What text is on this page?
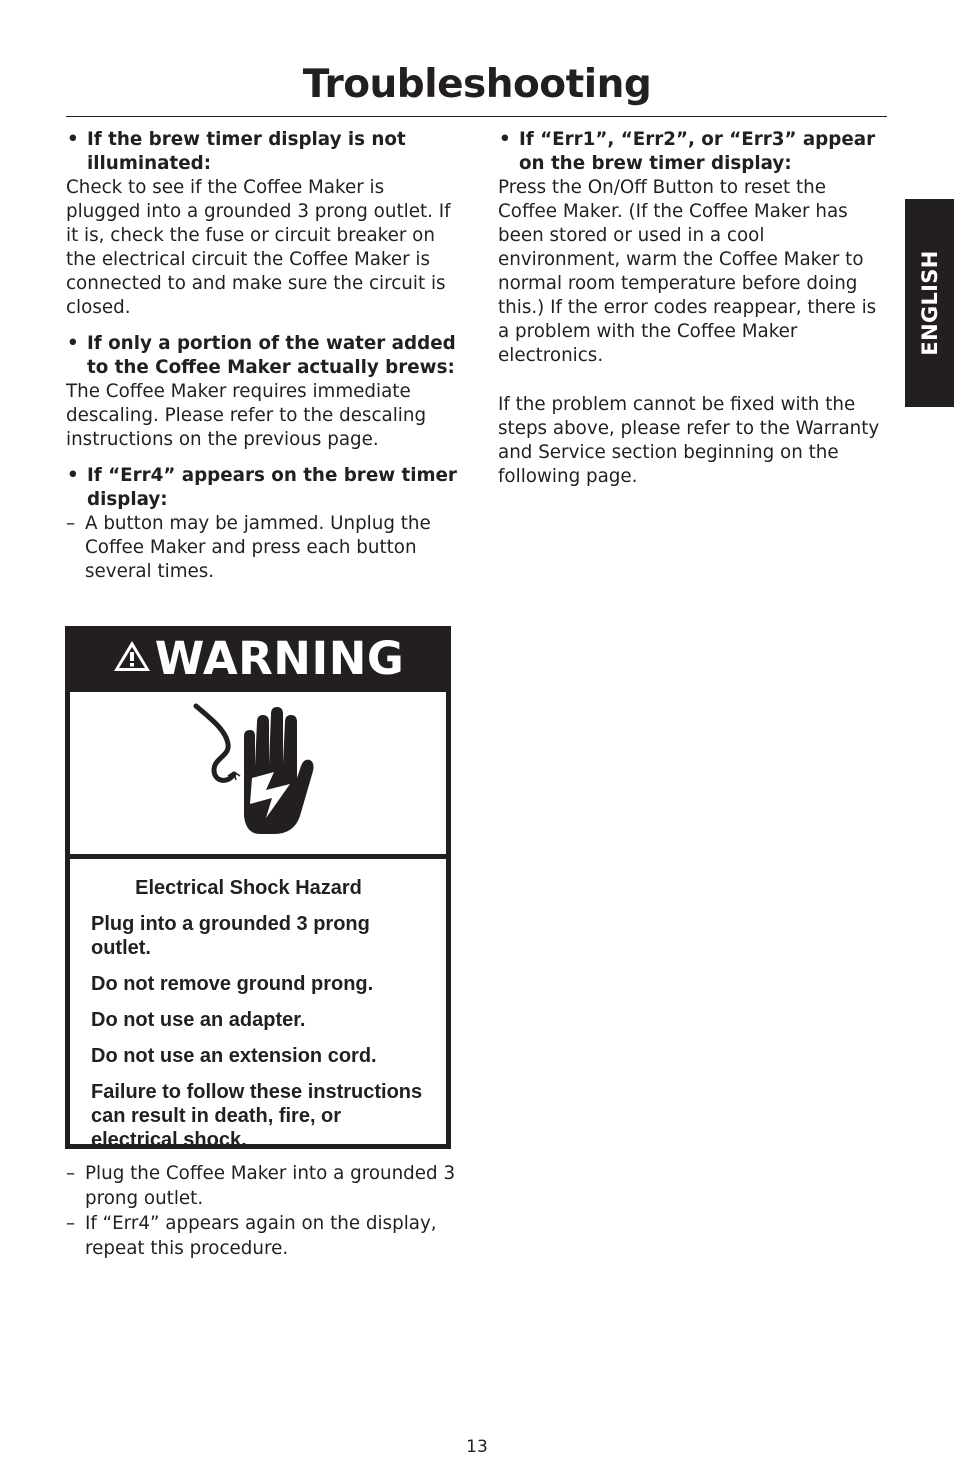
Troubleshooting
• If the brew timer display is not illuminated:

Check to see if the Coffee Maker is plugged into a grounded 3 prong outlet. If it is, check the fuse or circuit breaker on the electrical circuit the Coffee Maker is connected to and make sure the circuit is closed.

• If only a portion of the water added to the Coffee Maker actually brews:

The Coffee Maker requires immediate descaling. Please refer to the descaling instructions on the previous page.

• If “Err4” appears on the brew timer display:
– A button may be jammed. Unplug the Coffee Maker and press each button several times.
WARNING
Electrical Shock Hazard

Plug into a grounded 3 prong outlet.

Do not remove ground prong.

Do not use an adapter.

Do not use an extension cord.

Failure to follow these instructions can result in death, fire, or electrical shock.

– Plug the Coffee Maker into a grounded 3 prong outlet.
– If “Err4” appears again on the display, repeat this procedure.
• If “Err1”, “Err2”, or “Err3” appear on the brew timer display:

Press the On/Off Button to reset the Coffee Maker. (If the Coffee Maker has been stored or used in a cool environment, warm the Coffee Maker to normal room temperature before doing this.) If the error codes reappear, there is a problem with the Coffee Maker electronics.

If the problem cannot be fixed with the steps above, please refer to the Warranty and Service section beginning on the following page.

ENGLISH
13
